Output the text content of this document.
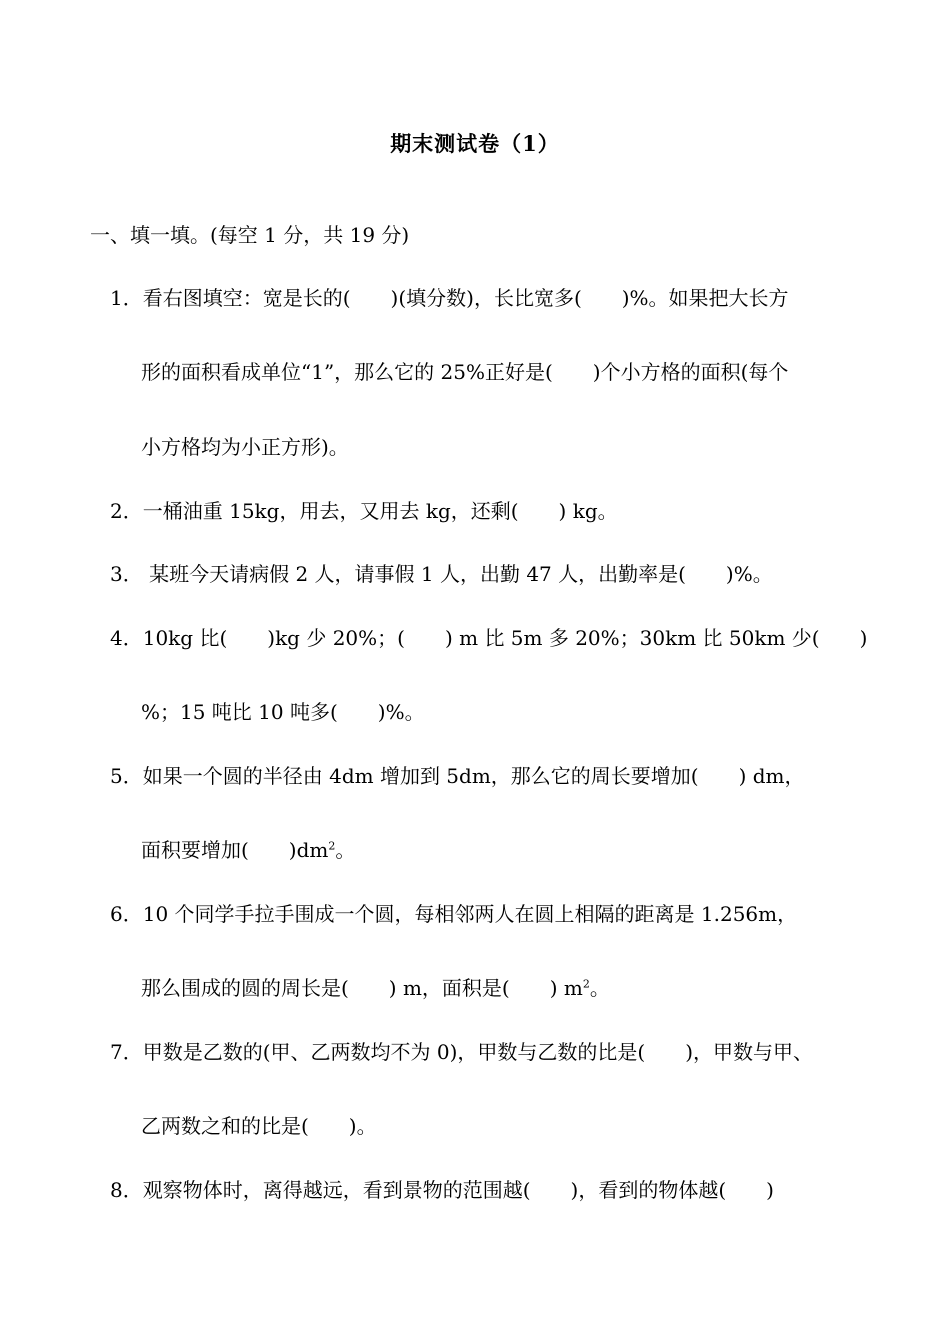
期末测试卷（1）
一、填一填。(每空 1 分，共 19 分)
1．看右图填空：宽是长的(　　)(填分数)，长比宽多(　　)%。如果把大长方
形的面积看成单位“1”，那么它的 25%正好是(　　)个小方格的面积(每个
小方格均为小正方形)。
2．一桶油重 15kg，用去，又用去 kg，还剩(　　) kg。
3． 某班今天请病假 2 人，请事假 1 人，出勤 47 人，出勤率是(　　)%。
4．10kg 比(　　)kg 少 20%；(　　) m 比 5m 多 20%；30km 比 50km 少(　　)
%；15 吨比 10 吨多(　　)%。
5．如果一个圆的半径由 4dm 增加到 5dm，那么它的周长要增加(　　) dm，
面积要增加(　　)$dm^2$。
6．10 个同学手拉手围成一个圆，每相邻两人在圆上相隔的距离是 1.256m，
那么围成的圆的周长是(　　) m，面积是(　　) $m^2$。
7．甲数是乙数的(甲、乙两数均不为 0)，甲数与乙数的比是(　　)，甲数与甲、
乙两数之和的比是(　　)。
8．观察物体时，离得越远，看到景物的范围越(　　)，看到的物体越(　　)
